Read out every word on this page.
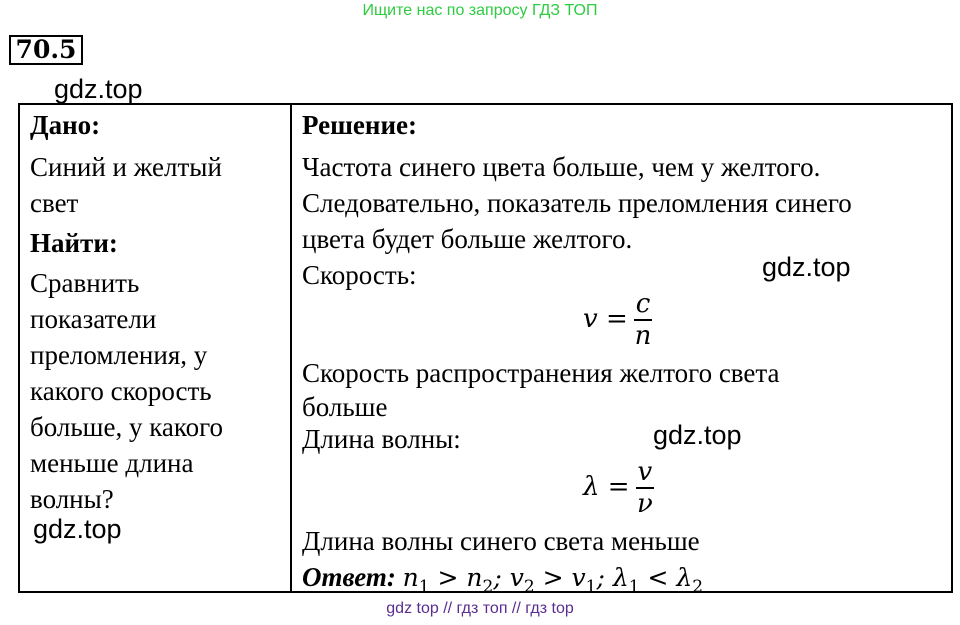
Ищите нас по запросу ГДЗ ТОП
70.5
gdz.top
Дано:
Синий и желтый
свет
Найти:
Сравнить
показатели
преломления, у
какого скорость
больше, у какого
меньше длина
волны?
Решение:
Частота синего цвета больше, чем у желтого.
Следовательно, показатель преломления синего
цвета будет больше желтого.
Скорость:
$v = \frac{c}{n}$
Скорость распространения желтого света
больше
Длина волны:
$\lambda = \frac{v}{\nu}$
Длина волны синего света меньше
Ответ: $n_1 > n_2$; $v_2 > v_1$; $\lambda_1 < \lambda_2$
gdz.top
gdz.top
gdz.top
gdz top // гдз топ // гдз top
